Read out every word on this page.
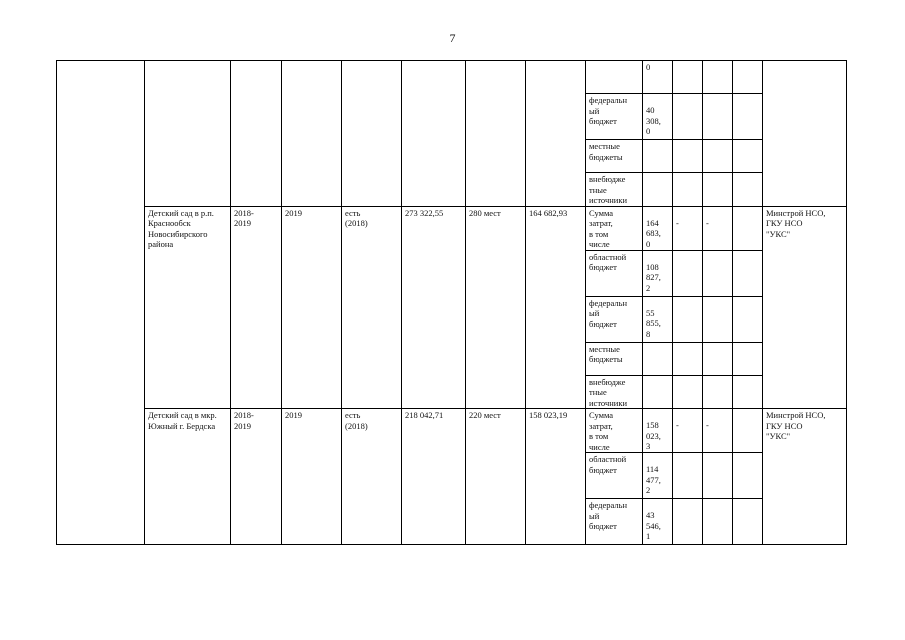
7

									0				

								федеральн
ый
бюджет	40
308,
0				

								местные
бюджеты					

								внебюдже
тные
источники					

	Детский сад в р.п. Краснообск Новосибирского района	2018-
2019	2019	есть
(2018)	273 322,55	280 мест	164 682,93	Сумма
затрат,
в том
числе	164
683,
0	-	-		Минстрой НСО,
ГКУ НСО
"УКС"

								областной
бюджет	108
827,
2				

								федеральн
ый
бюджет	55
855,
8				

								местные
бюджеты					

								внебюдже
тные
источники					

	Детский сад в мкр. Южный г. Бердска	2018-
2019	2019	есть
(2018)	218 042,71	220 мест	158 023,19	Сумма
затрат,
в том
числе	158
023,
3	-	-		Минстрой НСО,
ГКУ НСО
"УКС"

								областной
бюджет	114
477,
2				

								федеральн
ый
бюджет	43
546,
1				
